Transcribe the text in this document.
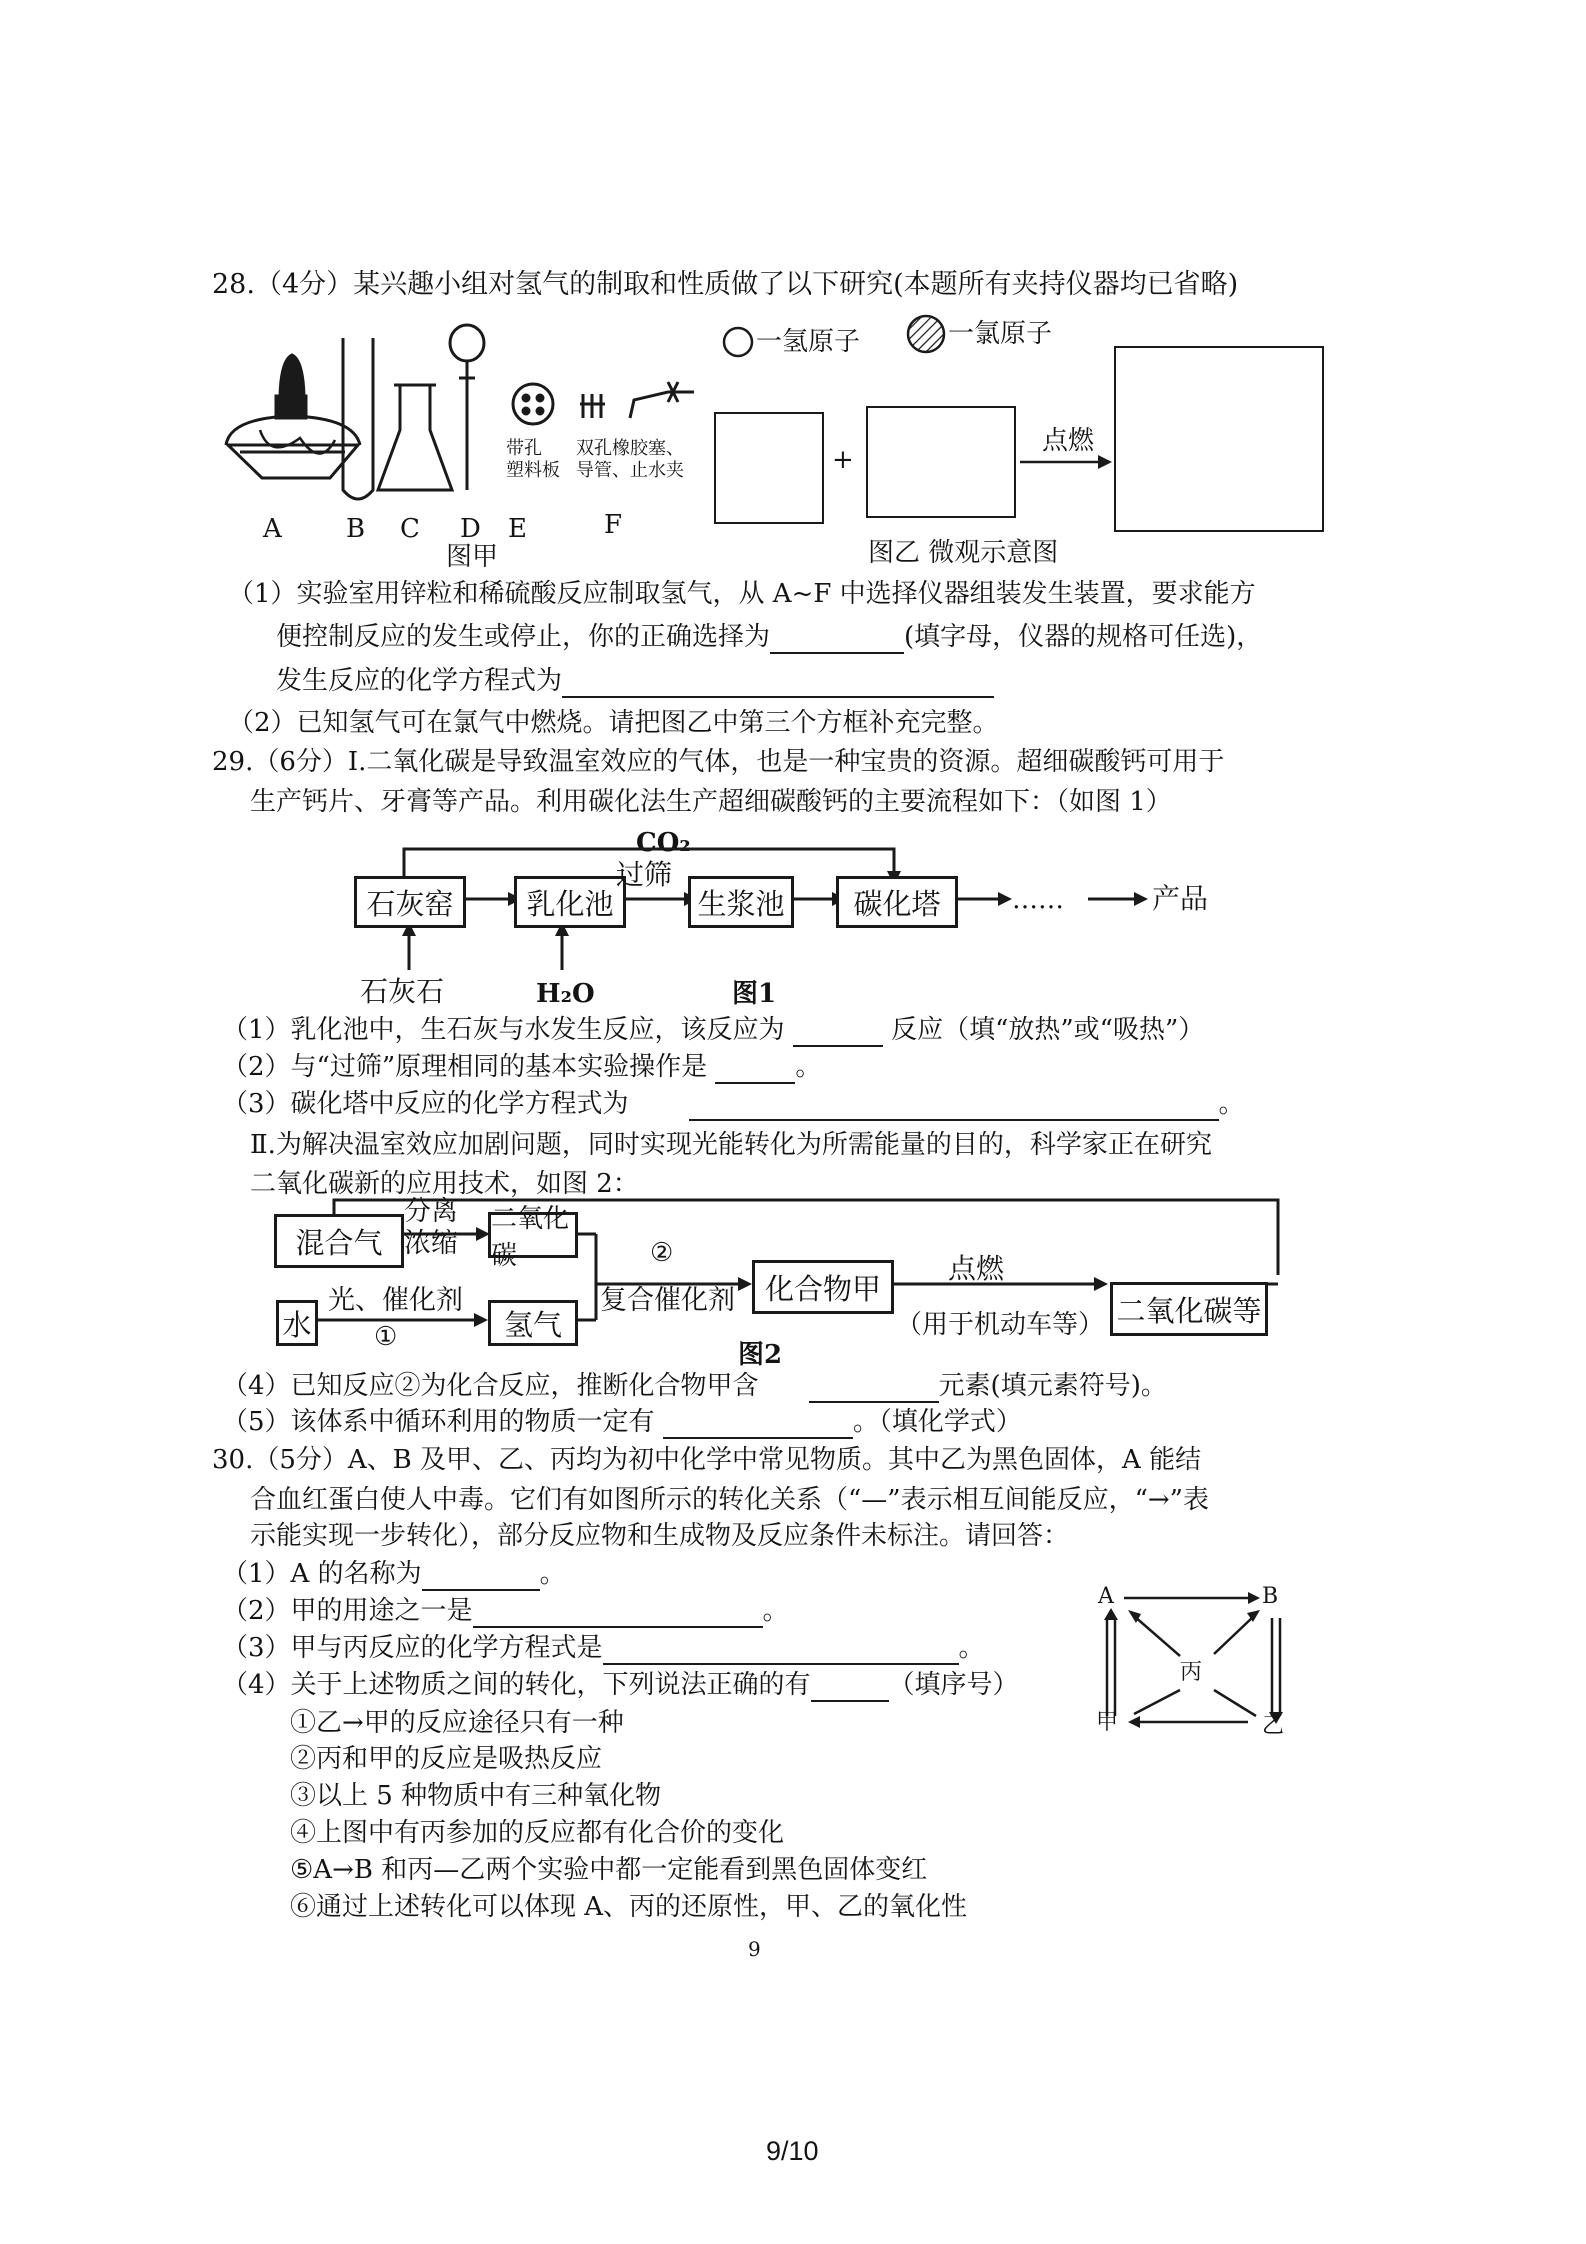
28.（4分）某兴趣小组对氢气的制取和性质做了以下研究(本题所有夹持仪器均已省略)
A B C D E	F
带孔
塑料板
双孔橡胶塞、
导管、止水夹
图甲
一氢原子	一氯原子
+
点燃
图乙 微观示意图
（1）实验室用锌粒和稀硫酸反应制取氢气，从 A~F 中选择仪器组装发生装置，要求能方
便控制反应的发生或停止，你的正确选择为	(填字母，仪器的规格可任选)，
发生反应的化学方程式为
（2）已知氢气可在氯气中燃烧。请把图乙中第三个方框补充完整。
29.（6分）Ⅰ.二氧化碳是导致温室效应的气体，也是一种宝贵的资源。超细碳酸钙可用于
生产钙片、牙膏等产品。利用碳化法生产超细碳酸钙的主要流程如下：（如图 1）
CO₂
石灰窑	乳化池
过筛
生浆池	碳化塔	……	产品
石灰石	H₂O	图1
（1）乳化池中，生石灰与水发生反应，该反应为	反应（填“放热”或“吸热”）
（2）与“过筛”原理相同的基本实验操作是	。
（3）碳化塔中反应的化学方程式为	。
Ⅱ.为解决温室效应加剧问题，同时实现光能转化为所需能量的目的，科学家正在研究
二氧化碳新的应用技术，如图 2：
混合气
分离
浓缩
二氧化碳
水
光、催化剂
①	氢气
②
复合催化剂	化合物甲
点燃
（用于机动车等） 二氧化碳等
图2
（4）已知反应②为化合反应，推断化合物甲含	元素(填元素符号)。
（5）该体系中循环利用的物质一定有	。（填化学式）
30.（5分）A、B 及甲、乙、丙均为初中化学中常见物质。其中乙为黑色固体，A 能结
合血红蛋白使人中毒。它们有如图所示的转化关系（“—”表示相互间能反应，“→”表
示能实现一步转化），部分反应物和生成物及反应条件未标注。请回答：
（1）A 的名称为	。
（2）甲的用途之一是	。
（3）甲与丙反应的化学方程式是	。
（4）关于上述物质之间的转化，下列说法正确的有	（填序号）
①乙→甲的反应途径只有一种
②丙和甲的反应是吸热反应
③以上 5 种物质中有三种氧化物
④上图中有丙参加的反应都有化合价的变化
⑤A→B 和丙—乙两个实验中都一定能看到黑色固体变红
⑥通过上述转化可以体现 A、丙的还原性，甲、乙的氧化性
A	B
丙
甲	乙
9
9/10
